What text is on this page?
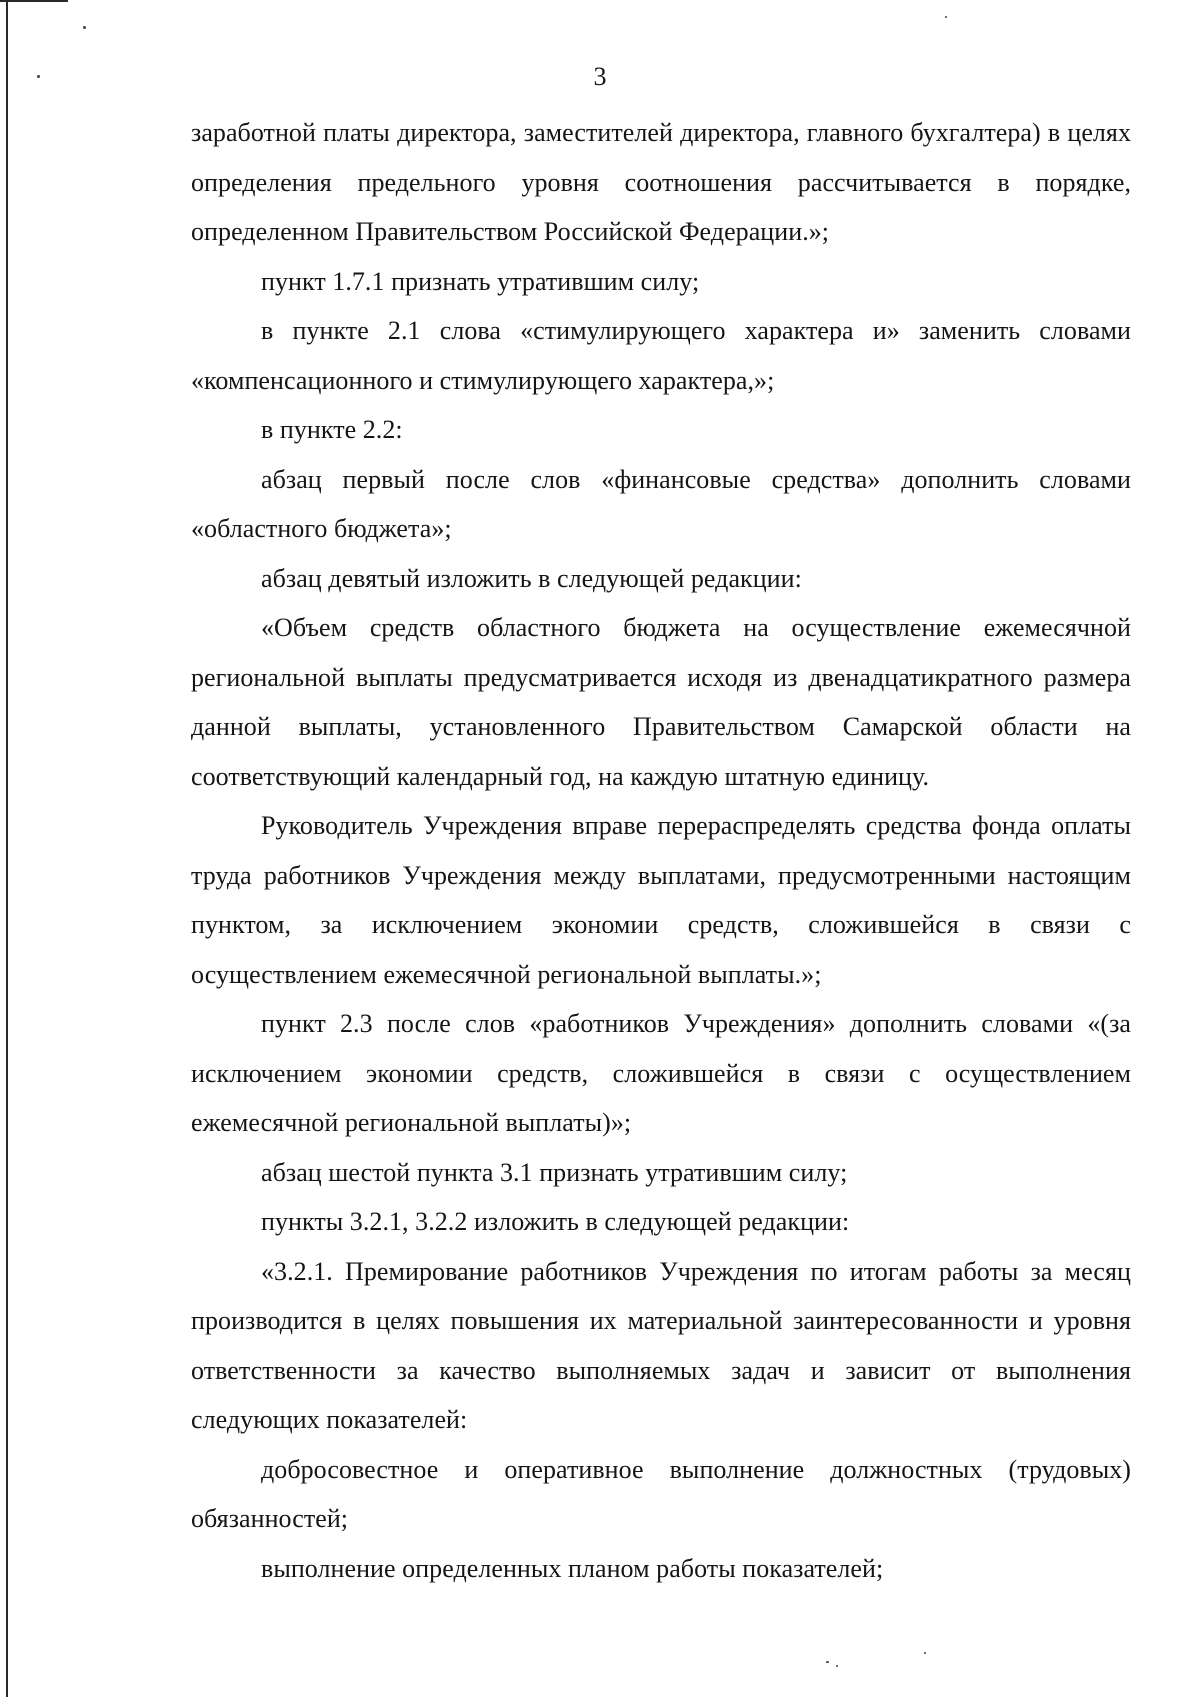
3

заработной платы директора, заместителей директора, главного бухгалтера) в целях определения предельного уровня соотношения рассчитывается в порядке, определенном Правительством Российской Федерации.»;

пункт 1.7.1 признать утратившим силу;

в пункте 2.1 слова «стимулирующего характера и» заменить словами «компенсационного и стимулирующего характера,»;

в пункте 2.2:

абзац первый после слов «финансовые средства» дополнить словами «областного бюджета»;

абзац девятый изложить в следующей редакции:

«Объем средств областного бюджета на осуществление ежемесячной региональной выплаты предусматривается исходя из двенадцатикратного размера данной выплаты, установленного Правительством Самарской области на соответствующий календарный год, на каждую штатную единицу.

Руководитель Учреждения вправе перераспределять средства фонда оплаты труда работников Учреждения между выплатами, предусмотренными настоящим пунктом, за исключением экономии средств, сложившейся в связи с осуществлением ежемесячной региональной выплаты.»;

пункт 2.3 после слов «работников Учреждения» дополнить словами «(за исключением экономии средств, сложившейся в связи с осуществлением ежемесячной региональной выплаты)»;

абзац шестой пункта 3.1 признать утратившим силу;

пункты 3.2.1, 3.2.2 изложить в следующей редакции:

«3.2.1. Премирование работников Учреждения по итогам работы за месяц производится в целях повышения их материальной заинтересованности и уровня ответственности за качество выполняемых задач и зависит от выполнения следующих показателей:

добросовестное и оперативное выполнение должностных (трудовых) обязанностей;

выполнение определенных планом работы показателей;
